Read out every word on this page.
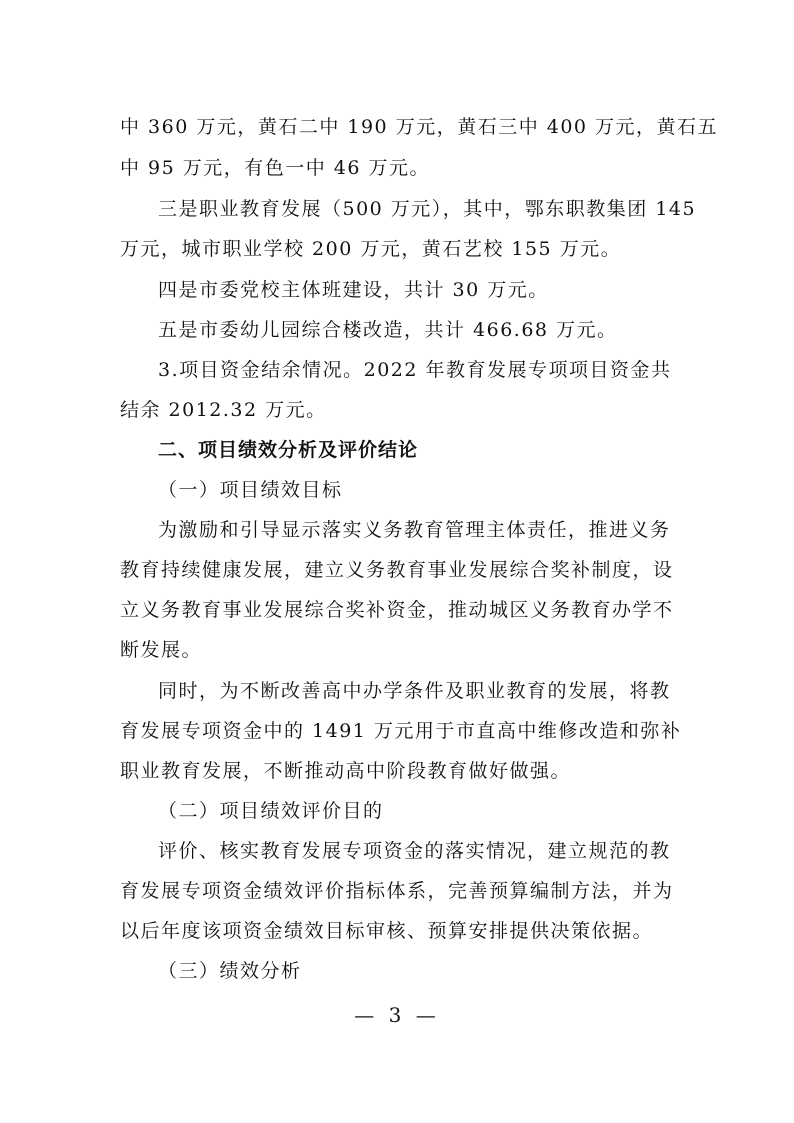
中 360 万元，黄石二中 190 万元，黄石三中 400 万元，黄石五

中 95 万元，有色一中 46 万元。

三是职业教育发展（500 万元），其中，鄂东职教集团 145

万元，城市职业学校 200 万元，黄石艺校 155 万元。

四是市委党校主体班建设，共计 30 万元。

五是市委幼儿园综合楼改造，共计 466.68 万元。

3.项目资金结余情况。2022 年教育发展专项项目资金共

结余 2012.32 万元。

二、项目绩效分析及评价结论

（一）项目绩效目标

为激励和引导显示落实义务教育管理主体责任，推进义务

教育持续健康发展，建立义务教育事业发展综合奖补制度，设

立义务教育事业发展综合奖补资金，推动城区义务教育办学不

断发展。

同时，为不断改善高中办学条件及职业教育的发展，将教

育发展专项资金中的 1491 万元用于市直高中维修改造和弥补

职业教育发展，不断推动高中阶段教育做好做强。

（二）项目绩效评价目的

评价、核实教育发展专项资金的落实情况，建立规范的教

育发展专项资金绩效评价指标体系，完善预算编制方法，并为

以后年度该项资金绩效目标审核、预算安排提供决策依据。

（三）绩效分析

— 3 —
